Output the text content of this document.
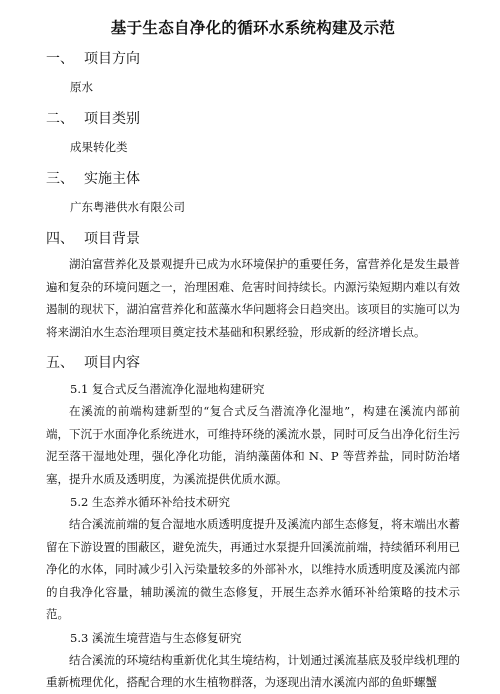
基于生态自净化的循环水系统构建及示范
一、 项目方向
原水
二、 项目类别
成果转化类
三、 实施主体
广东粤港供水有限公司
四、 项目背景

湖泊富营养化及景观提升已成为水环境保护的重要任务，富营养化是发生最普遍和复杂的环境问题之一，治理困难、危害时间持续长。内源污染短期内难以有效遏制的现状下，湖泊富营养化和蓝藻水华问题将会日趋突出。该项目的实施可以为将来湖泊水生态治理项目奠定技术基础和积累经验，形成新的经济增长点。

五、 项目内容
5.1 复合式反刍潜流净化湿地构建研究

在溪流的前端构建新型的“复合式反刍潜流净化湿地”，构建在溪流内部前端，下沉于水面净化系统进水，可维持环绕的溪流水景，同时可反刍出净化衍生污泥至落干湿地处理，强化净化功能，消纳藻菌体和 N、P 等营养盐，同时防治堵塞，提升水质及透明度，为溪流提供优质水源。

5.2 生态养水循环补给技术研究

结合溪流前端的复合湿地水质透明度提升及溪流内部生态修复，将末端出水蓄留在下游设置的围蔽区，避免流失，再通过水泵提升回溪流前端，持续循环利用已净化的水体，同时减少引入污染量较多的外部补水，以维持水质透明度及溪流内部的自我净化容量，辅助溪流的微生态修复，开展生态养水循环补给策略的技术示范。

5.3 溪流生境营造与生态修复研究

结合溪流的环境结构重新优化其生境结构，计划通过溪流基底及驳岸线机理的重新梳理优化，搭配合理的水生植物群落，为逐现出清水溪流内部的鱼虾螺蟹
